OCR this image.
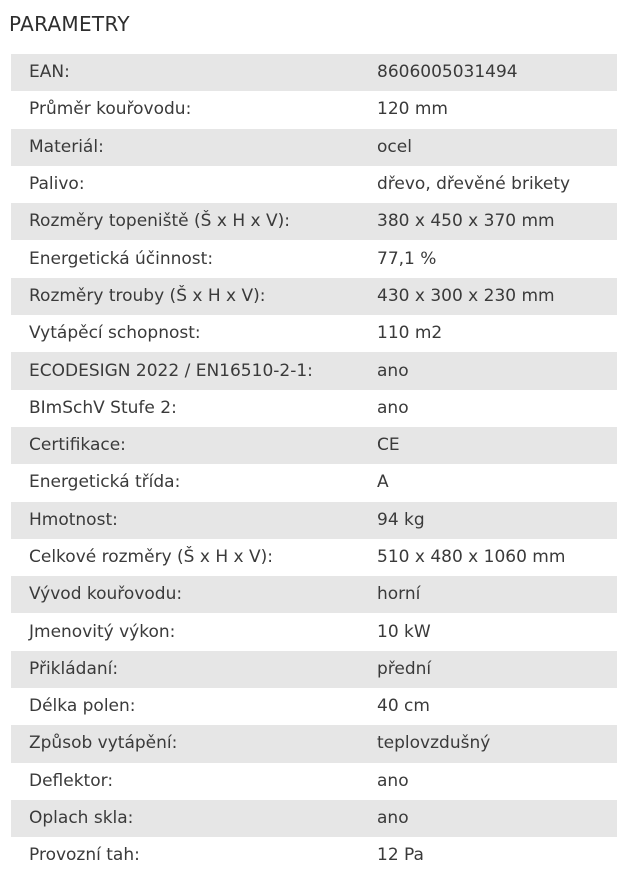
PARAMETRY
EAN:	8606005031494
Průměr kouřovodu:	120 mm
Materiál:	ocel
Palivo:	dřevo, dřevěné brikety
Rozměry topeniště (Š x H x V):	380 x 450 x 370 mm
Energetická účinnost:	77,1 %
Rozměry trouby (Š x H x V):	430 x 300 x 230 mm
Vytápěcí schopnost:	110 m2
ECODESIGN 2022 / EN16510-2-1:	ano
BImSchV Stufe 2:	ano
Certifikace:	CE
Energetická třída:	A
Hmotnost:	94 kg
Celkové rozměry (Š x H x V):	510 x 480 x 1060 mm
Vývod kouřovodu:	horní
Jmenovitý výkon:	10 kW
Přikládaní:	přední
Délka polen:	40 cm
Způsob vytápění:	teplovzdušný
Deflektor:	ano
Oplach skla:	ano
Provozní tah:	12 Pa
